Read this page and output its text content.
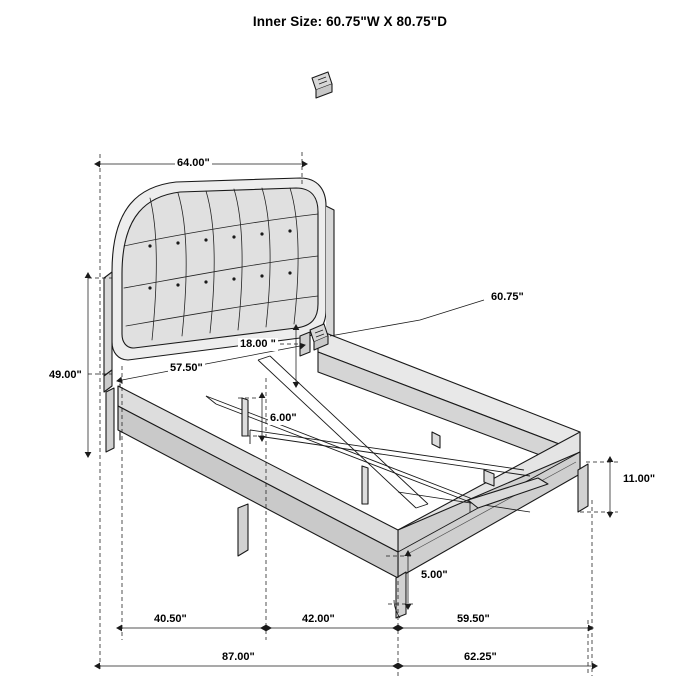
Inner Size: 60.75"W X 80.75"D
64.00"
57.50"
49.00"
18.00 "
6.00"
60.75"
11.00"
5.00"
40.50"	42.00"	59.50"
87.00"	62.25"
